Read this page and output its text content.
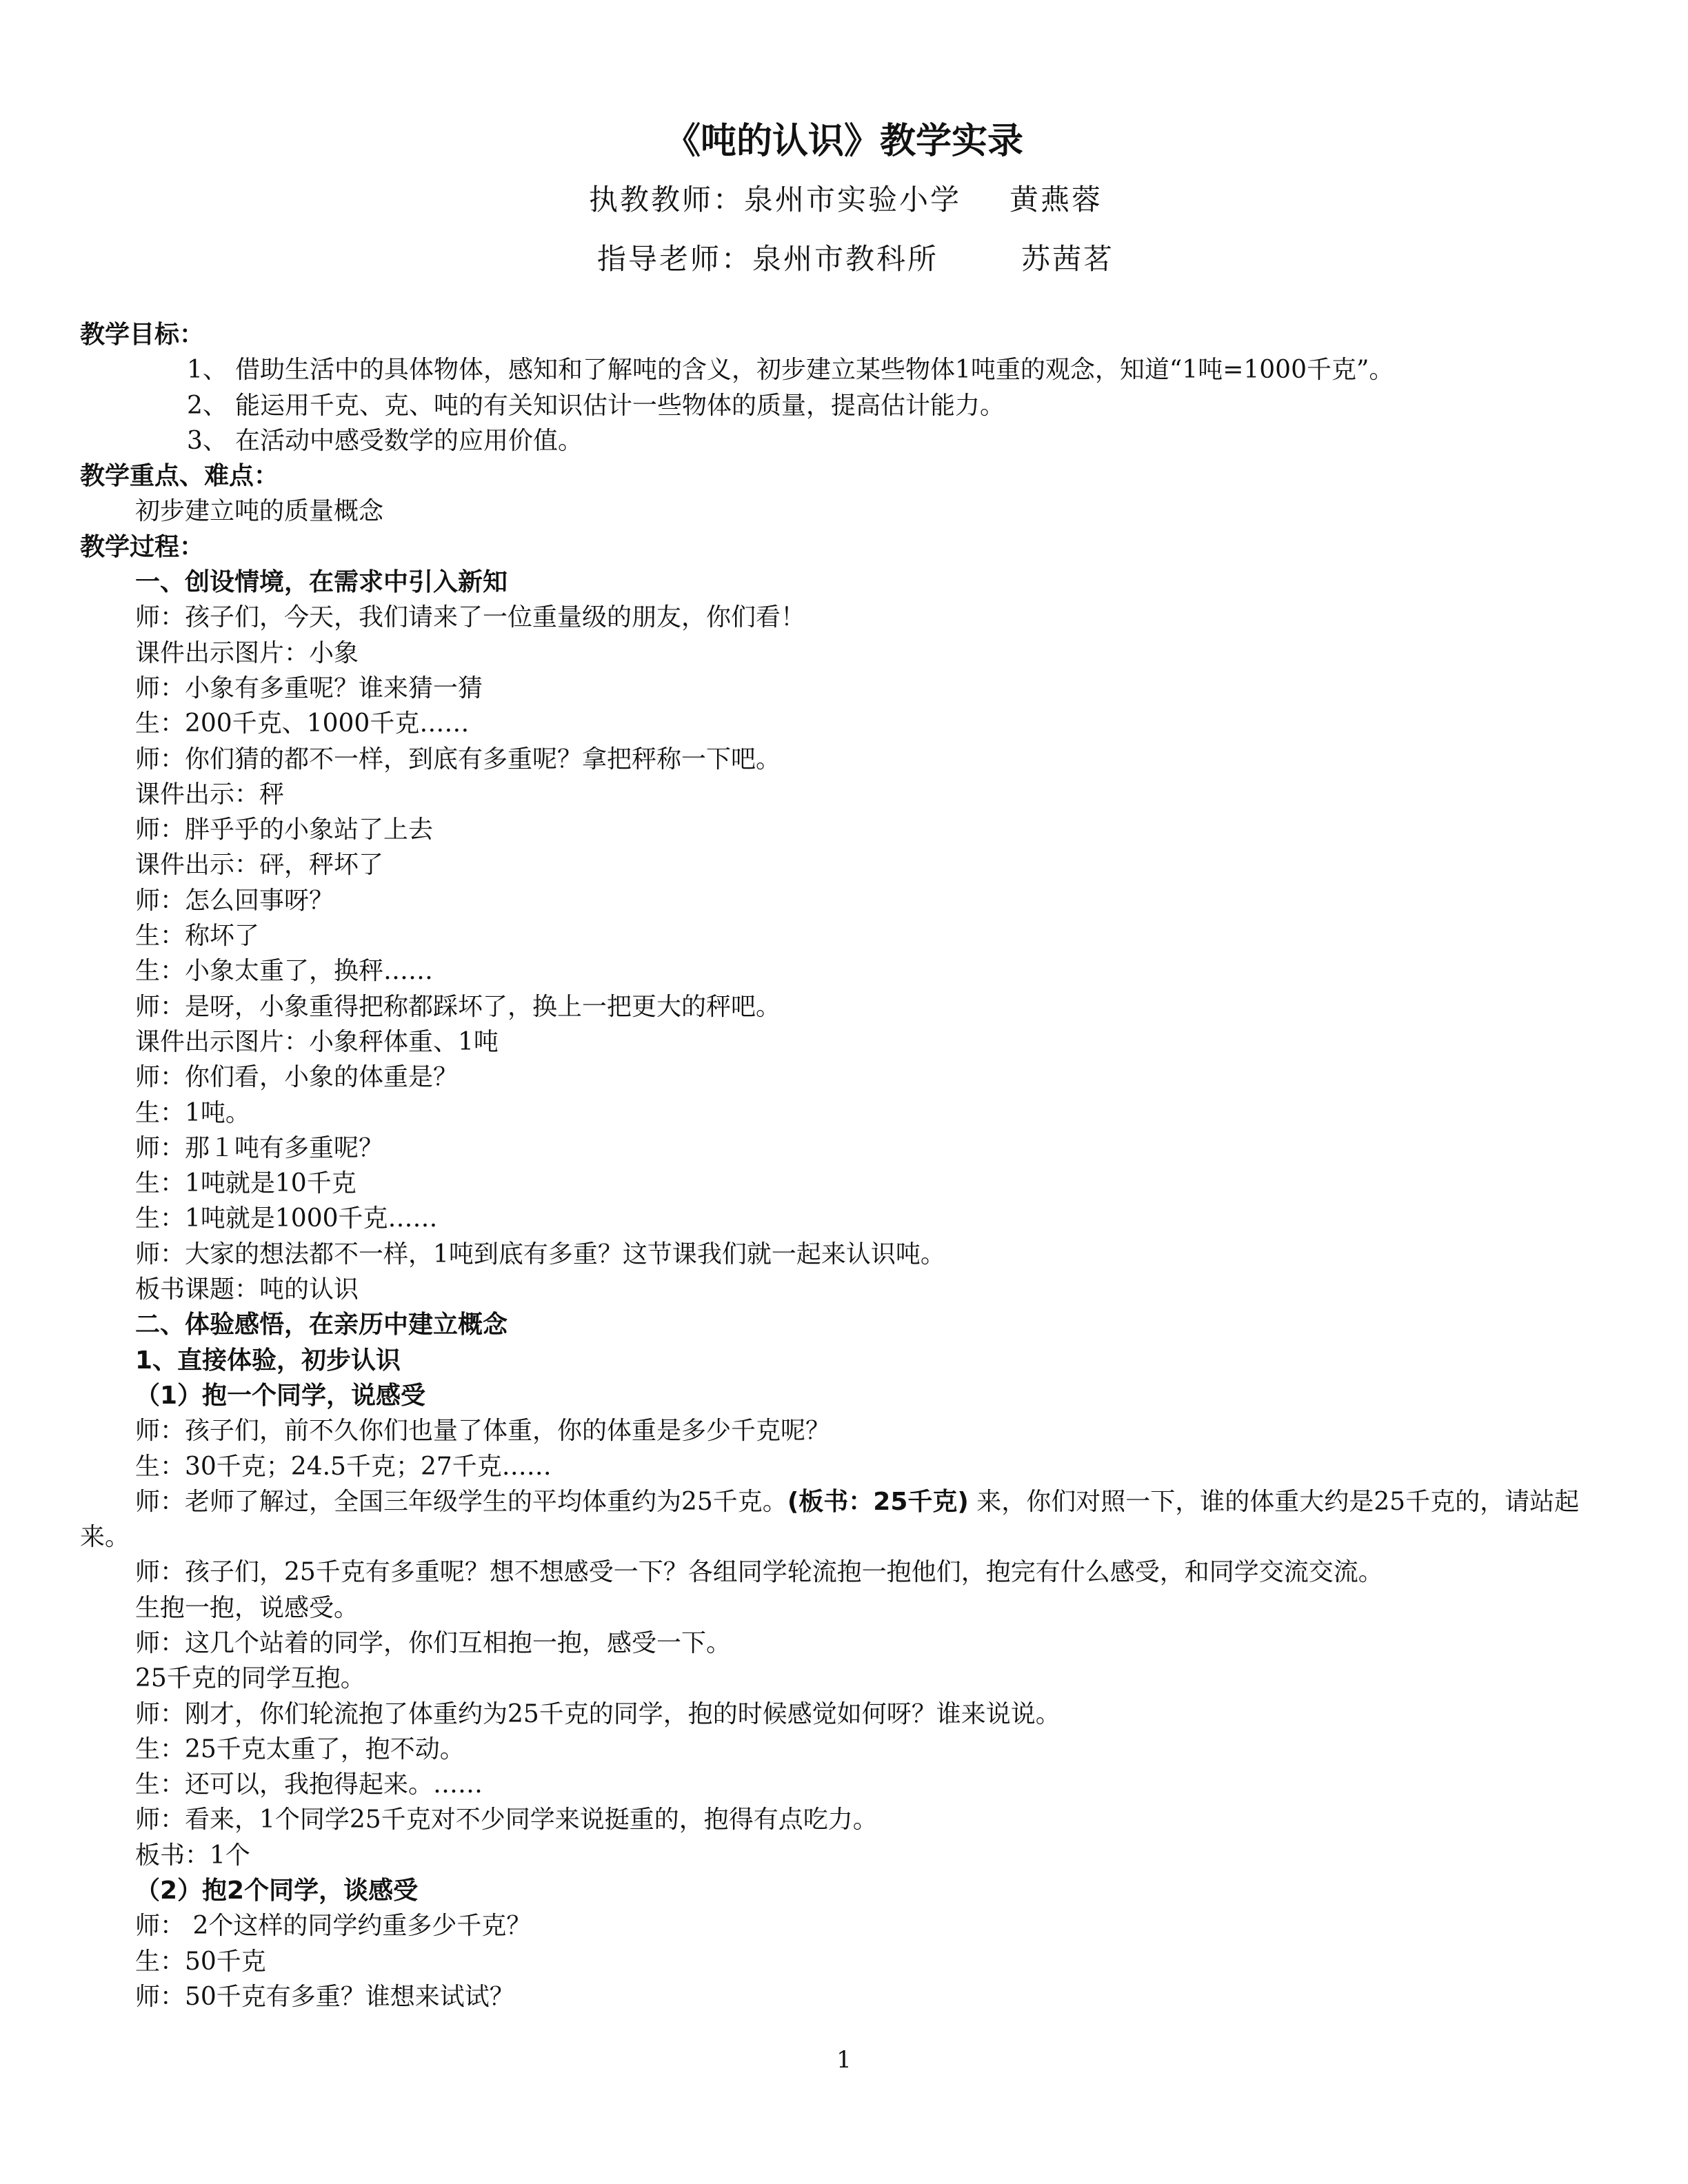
《吨的认识》教学实录
执教教师：泉州市实验小学 黄燕蓉
指导老师：泉州市教科所	苏茜茗
教学目标：
1、 借助生活中的具体物体，感知和了解吨的含义，初步建立某些物体1吨重的观念，知道“1吨=1000千克”。
2、 能运用千克、克、吨的有关知识估计一些物体的质量，提高估计能力。
3、 在活动中感受数学的应用价值。
教学重点、难点：
初步建立吨的质量概念
教学过程：
一、创设情境，在需求中引入新知
师：孩子们，今天，我们请来了一位重量级的朋友，你们看！
课件出示图片：小象
师：小象有多重呢？谁来猜一猜
生：200千克、1000千克……
师：你们猜的都不一样，到底有多重呢？拿把秤称一下吧。
课件出示：秤
师：胖乎乎的小象站了上去
课件出示：砰，秤坏了
师：怎么回事呀？
生：称坏了
生：小象太重了，换秤……
师：是呀，小象重得把称都踩坏了，换上一把更大的秤吧。
课件出示图片：小象秤体重、1吨
师：你们看，小象的体重是？
生：1吨。
师：那１吨有多重呢？
生：1吨就是10千克
生：1吨就是1000千克……
师：大家的想法都不一样，1吨到底有多重？这节课我们就一起来认识吨。
板书课题：吨的认识
二、体验感悟，在亲历中建立概念
1、直接体验，初步认识
（1）抱一个同学，说感受
师：孩子们，前不久你们也量了体重，你的体重是多少千克呢？
生：30千克；24.5千克；27千克……
师：老师了解过，全国三年级学生的平均体重约为25千克。(板书：25千克) 来，你们对照一下，谁的体重大约是25千克的，请站起来。
师：孩子们，25千克有多重呢？想不想感受一下？各组同学轮流抱一抱他们，抱完有什么感受，和同学交流交流。
生抱一抱，说感受。
师：这几个站着的同学，你们互相抱一抱，感受一下。
25千克的同学互抱。
师：刚才，你们轮流抱了体重约为25千克的同学，抱的时候感觉如何呀？谁来说说。
生：25千克太重了，抱不动。
生：还可以，我抱得起来。……
师：看来，1个同学25千克对不少同学来说挺重的，抱得有点吃力。
板书：1个
（2）抱2个同学，谈感受
师： 2个这样的同学约重多少千克？
生：50千克
师：50千克有多重？谁想来试试？
1
